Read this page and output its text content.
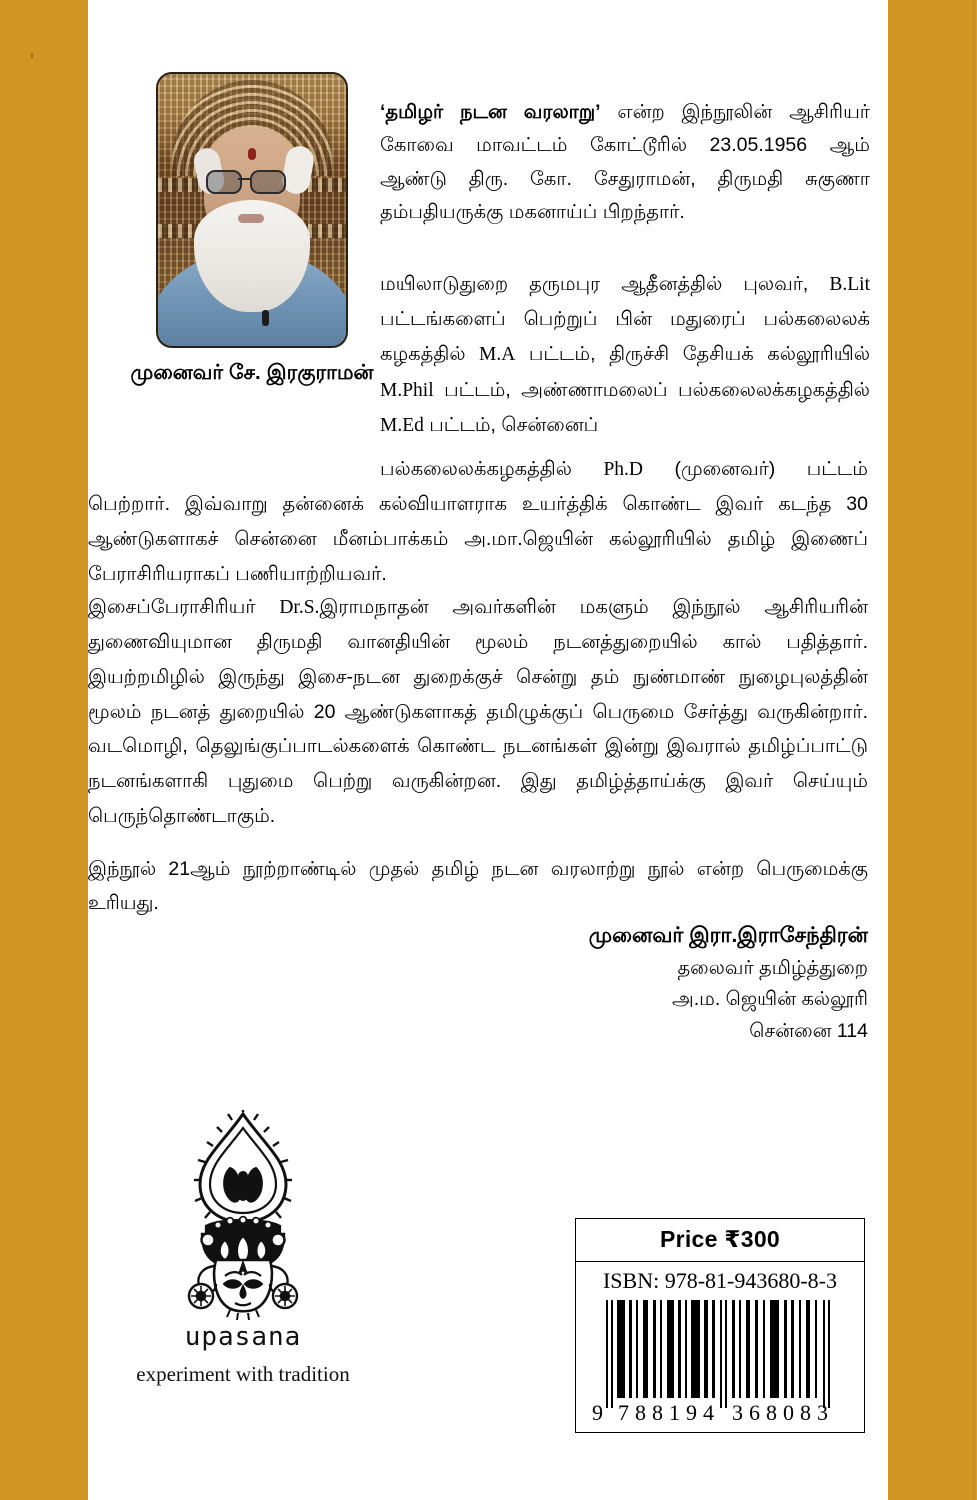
முனைவர் சே. இரகுராமன்

‘தமிழர் நடன வரலாறு’ என்ற இந்நூலின் ஆசிரியர் கோவை மாவட்டம் கோட்டூரில் 23.05.1956 ஆம் ஆண்டு திரு. கோ. சேதுராமன், திருமதி சுகுணா தம்பதியருக்கு மகனாய்ப் பிறந்தார்.

மயிலாடுதுறை தருமபுர ஆதீனத்தில் புலவர், B.Lit பட்டங்களைப் பெற்றுப் பின் மதுரைப் பல்கலைலக் கழகத்தில் M.A பட்டம், திருச்சி தேசியக் கல்லூரியில் M.Phil பட்டம், அண்ணாமலைப் பல்கலைலக்கழகத்தில் M.Ed பட்டம், சென்னைப்

பல்கலைலக்கழகத்தில் Ph.D (முனைவர்) பட்டம் பெற்றார். இவ்வாறு தன்னைக் கல்வியாளராக உயர்த்திக் கொண்ட இவர் கடந்த 30 ஆண்டுகளாகச் சென்னை மீனம்பாக்கம் அ.மா.ஜெயின் கல்லூரியில் தமிழ் இணைப் பேராசிரியராகப் பணியாற்றியவர்.

இசைப்பேராசிரியர் Dr.S.இராமநாதன் அவர்களின் மகளும் இந்நூல் ஆசிரியரின் துணைவியுமான திருமதி வானதியின் மூலம் நடனத்துறையில் கால் பதித்தார். இயற்றமிழில் இருந்து இசை-நடன துறைக்குச் சென்று தம் நுண்மாண் நுழைபுலத்தின் மூலம் நடனத் துறையில் 20 ஆண்டுகளாகத் தமிழுக்குப் பெருமை சேர்த்து வருகின்றார். வடமொழி, தெலுங்குப்பாடல்களைக் கொண்ட நடனங்கள் இன்று இவரால் தமிழ்ப்பாட்டு நடனங்களாகி புதுமை பெற்று வருகின்றன. இது தமிழ்த்தாய்க்கு இவர் செய்யும் பெருந்தொண்டாகும்.

இந்நூல் 21ஆம் நூற்றாண்டில் முதல் தமிழ் நடன வரலாற்று நூல் என்ற பெருமைக்கு உரியது.

முனைவர் இரா.இராசேந்திரன்
தலைவர் தமிழ்த்துறை
அ.ம. ஜெயின் கல்லூரி
சென்னை 114
upasana
experiment with tradition
Price ₹300
ISBN: 978-81-943680-8-3
9 788194 368083
